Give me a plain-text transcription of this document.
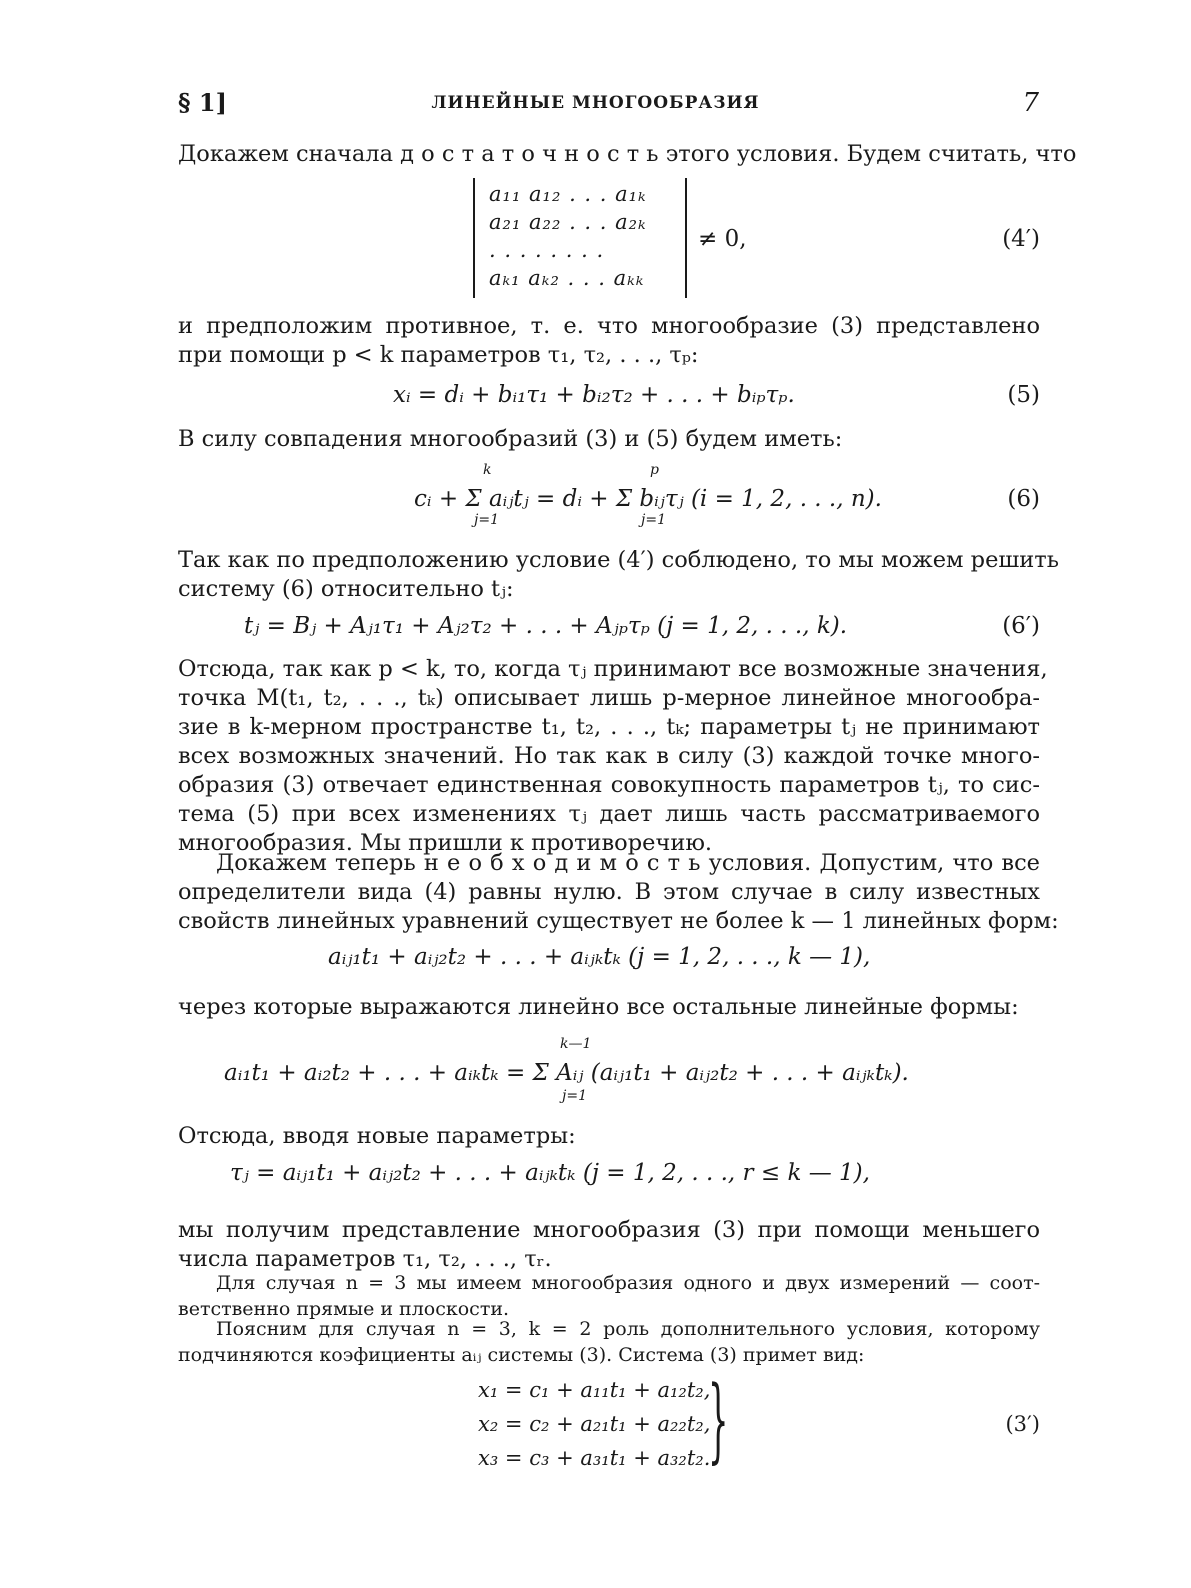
§ 1]	ЛИНЕЙНЫЕ МНОГООБРАЗИЯ	7
Докажем сначала д о с т а т о ч н о с т ь этого условия. Будем считать, что
a₁₁ a₁₂ . . . a₁ₖ
a₂₁ a₂₂ . . . a₂ₖ
. . . . . . . .
aₖ₁ aₖ₂ . . . aₖₖ
≠ 0,	(4′)
и предположим противное, т. е. что многообразие (3) представлено
при помощи p < k параметров τ₁, τ₂, . . ., τₚ:
xᵢ = dᵢ + bᵢ₁τ₁ + bᵢ₂τ₂ + . . . + bᵢₚτₚ.	(5)
В силу совпадения многообразий (3) и (5) будем иметь:
cᵢ + Σ aᵢⱼtⱼ = dᵢ + Σ bᵢⱼτⱼ (i = 1, 2, . . ., n).
k
j=1
p
j=1
(6)
Так как по предположению условие (4′) соблюдено, то мы можем решить
систему (6) относительно tⱼ:
tⱼ = Bⱼ + Aⱼ₁τ₁ + Aⱼ₂τ₂ + . . . + Aⱼₚτₚ (j = 1, 2, . . ., k).	(6′)
Отсюда, так как p < k, то, когда τⱼ принимают все возможные значения,
точка M(t₁, t₂, . . ., tₖ) описывает лишь p-мерное линейное многообра-
зие в k-мерном пространстве t₁, t₂, . . ., tₖ; параметры tⱼ не принимают
всех возможных значений. Но так как в силу (3) каждой точке много-
образия (3) отвечает единственная совокупность параметров tⱼ, то сис-
тема (5) при всех изменениях τⱼ дает лишь часть рассматриваемого
многообразия. Мы пришли к противоречию.
Докажем теперь н е о б х о д и м о с т ь условия. Допустим, что все
определители вида (4) равны нулю. В этом случае в силу известных
свойств линейных уравнений существует не более k — 1 линейных форм:
aᵢⱼ₁t₁ + aᵢⱼ₂t₂ + . . . + aᵢⱼₖtₖ (j = 1, 2, . . ., k — 1),
через которые выражаются линейно все остальные линейные формы:
aᵢ₁t₁ + aᵢ₂t₂ + . . . + aᵢₖtₖ = Σ Aᵢⱼ (aᵢⱼ₁t₁ + aᵢⱼ₂t₂ + . . . + aᵢⱼₖtₖ).
k—1
j=1
Отсюда, вводя новые параметры:
τⱼ = aᵢⱼ₁t₁ + aᵢⱼ₂t₂ + . . . + aᵢⱼₖtₖ (j = 1, 2, . . ., r ≤ k — 1),
мы получим представление многообразия (3) при помощи меньшего
числа параметров τ₁, τ₂, . . ., τᵣ.
Для случая n = 3 мы имеем многообразия одного и двух измерений — соот-
ветственно прямые и плоскости.
Поясним для случая n = 3, k = 2 роль дополнительного условия, которому
подчиняются коэфициенты aᵢⱼ системы (3). Система (3) примет вид:
x₁ = c₁ + a₁₁t₁ + a₁₂t₂,
x₂ = c₂ + a₂₁t₁ + a₂₂t₂,
x₃ = c₃ + a₃₁t₁ + a₃₂t₂.
}	(3′)
